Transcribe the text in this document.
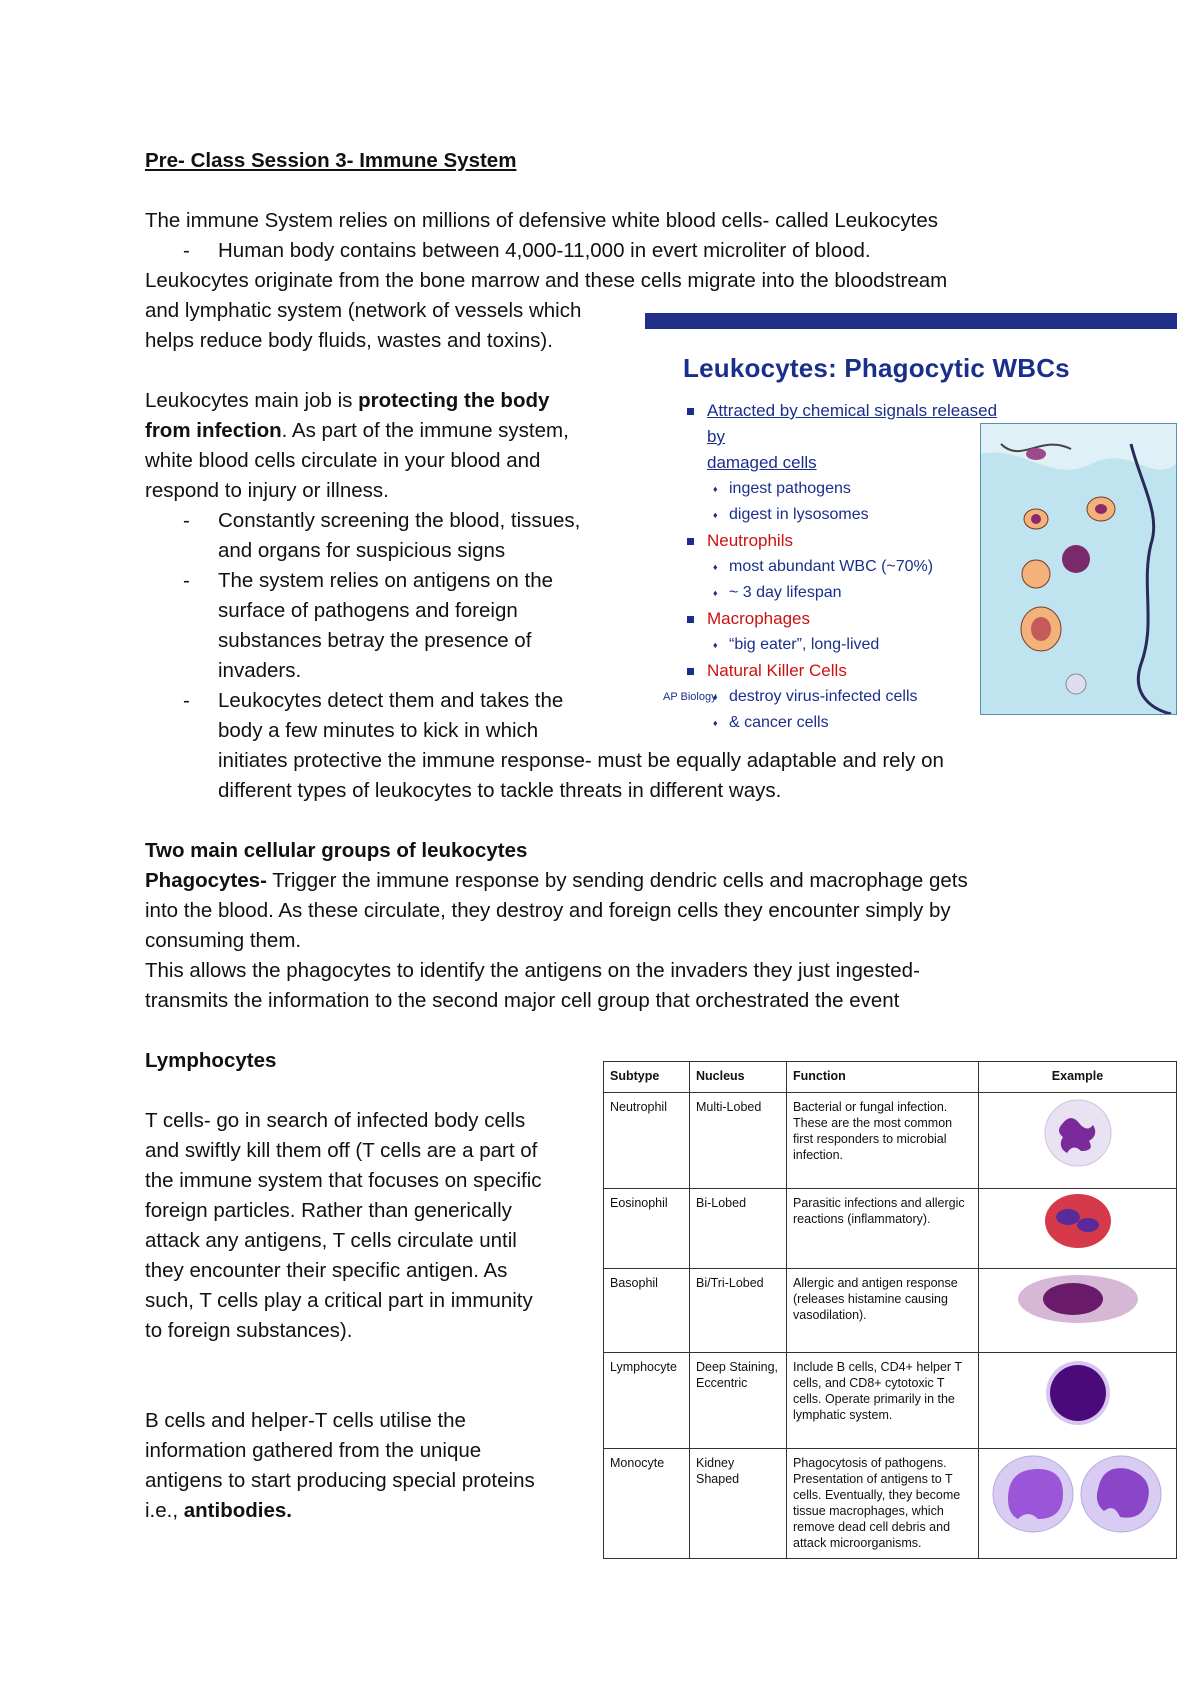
Pre- Class Session 3- Immune System

The immune System relies on millions of defensive white blood cells- called Leukocytes

- Human body contains between 4,000-11,000 in evert microliter of blood.

Leukocytes originate from the bone marrow and these cells migrate into the bloodstream

and lymphatic system (network of vessels which

helps reduce body fluids, wastes and toxins).

Leukocytes main job is protecting the body

from infection. As part of the immune system,

white blood cells circulate in your blood and

respond to injury or illness.

- Constantly screening the blood, tissues,
and organs for suspicious signs
- The system relies on antigens on the
surface of pathogens and foreign
substances betray the presence of
invaders.
- Leukocytes detect them and takes the
body a few minutes to kick in which
initiates protective the immune response- must be equally adaptable and rely on
different types of leukocytes to tackle threats in different ways.

Two main cellular groups of leukocytes

Phagocytes- Trigger the immune response by sending dendric cells and macrophage gets

into the blood. As these circulate, they destroy and foreign cells they encounter simply by

consuming them.

This allows the phagocytes to identify the antigens on the invaders they just ingested-

transmits the information to the second major cell group that orchestrated the event

Lymphocytes

T cells- go in search of infected body cells
and swiftly kill them off (T cells are a part of
the immune system that focuses on specific
foreign particles. Rather than generically
attack any antigens, T cells circulate until
they encounter their specific antigen. As
such, T cells play a critical part in immunity
to foreign substances).
B cells and helper-T cells utilise the
information gathered from the unique
antigens to start producing special proteins
i.e., antibodies.
Leukocytes: Phagocytic WBCs
Attracted by chemical signals released by
damaged cells
♦ ingest pathogens
♦ digest in lysosomes
Neutrophils
♦ most abundant WBC (~70%)
♦ ~ 3 day lifespan
Macrophages
♦ “big eater”, long-lived
Natural Killer Cells
♦ destroy virus-infected cells
♦ & cancer cells
AP Biology
Subtype	Nucleus	Function	Example
Neutrophil	Multi-Lobed	Bacterial or fungal infection. These are the most common first responders to microbial infection.	

Eosinophil	Bi-Lobed	Parasitic infections and allergic reactions (inflammatory).	

Basophil	Bi/Tri-Lobed	Allergic and antigen response (releases histamine causing vasodilation).	

Lymphocyte	Deep Staining, Eccentric	Include B cells, CD4+ helper T cells, and CD8+ cytotoxic T cells. Operate primarily in the lymphatic system.	

Monocyte	Kidney Shaped	Phagocytosis of pathogens. Presentation of antigens to T cells. Eventually, they become tissue macrophages, which remove dead cell debris and attack microorganisms.	
